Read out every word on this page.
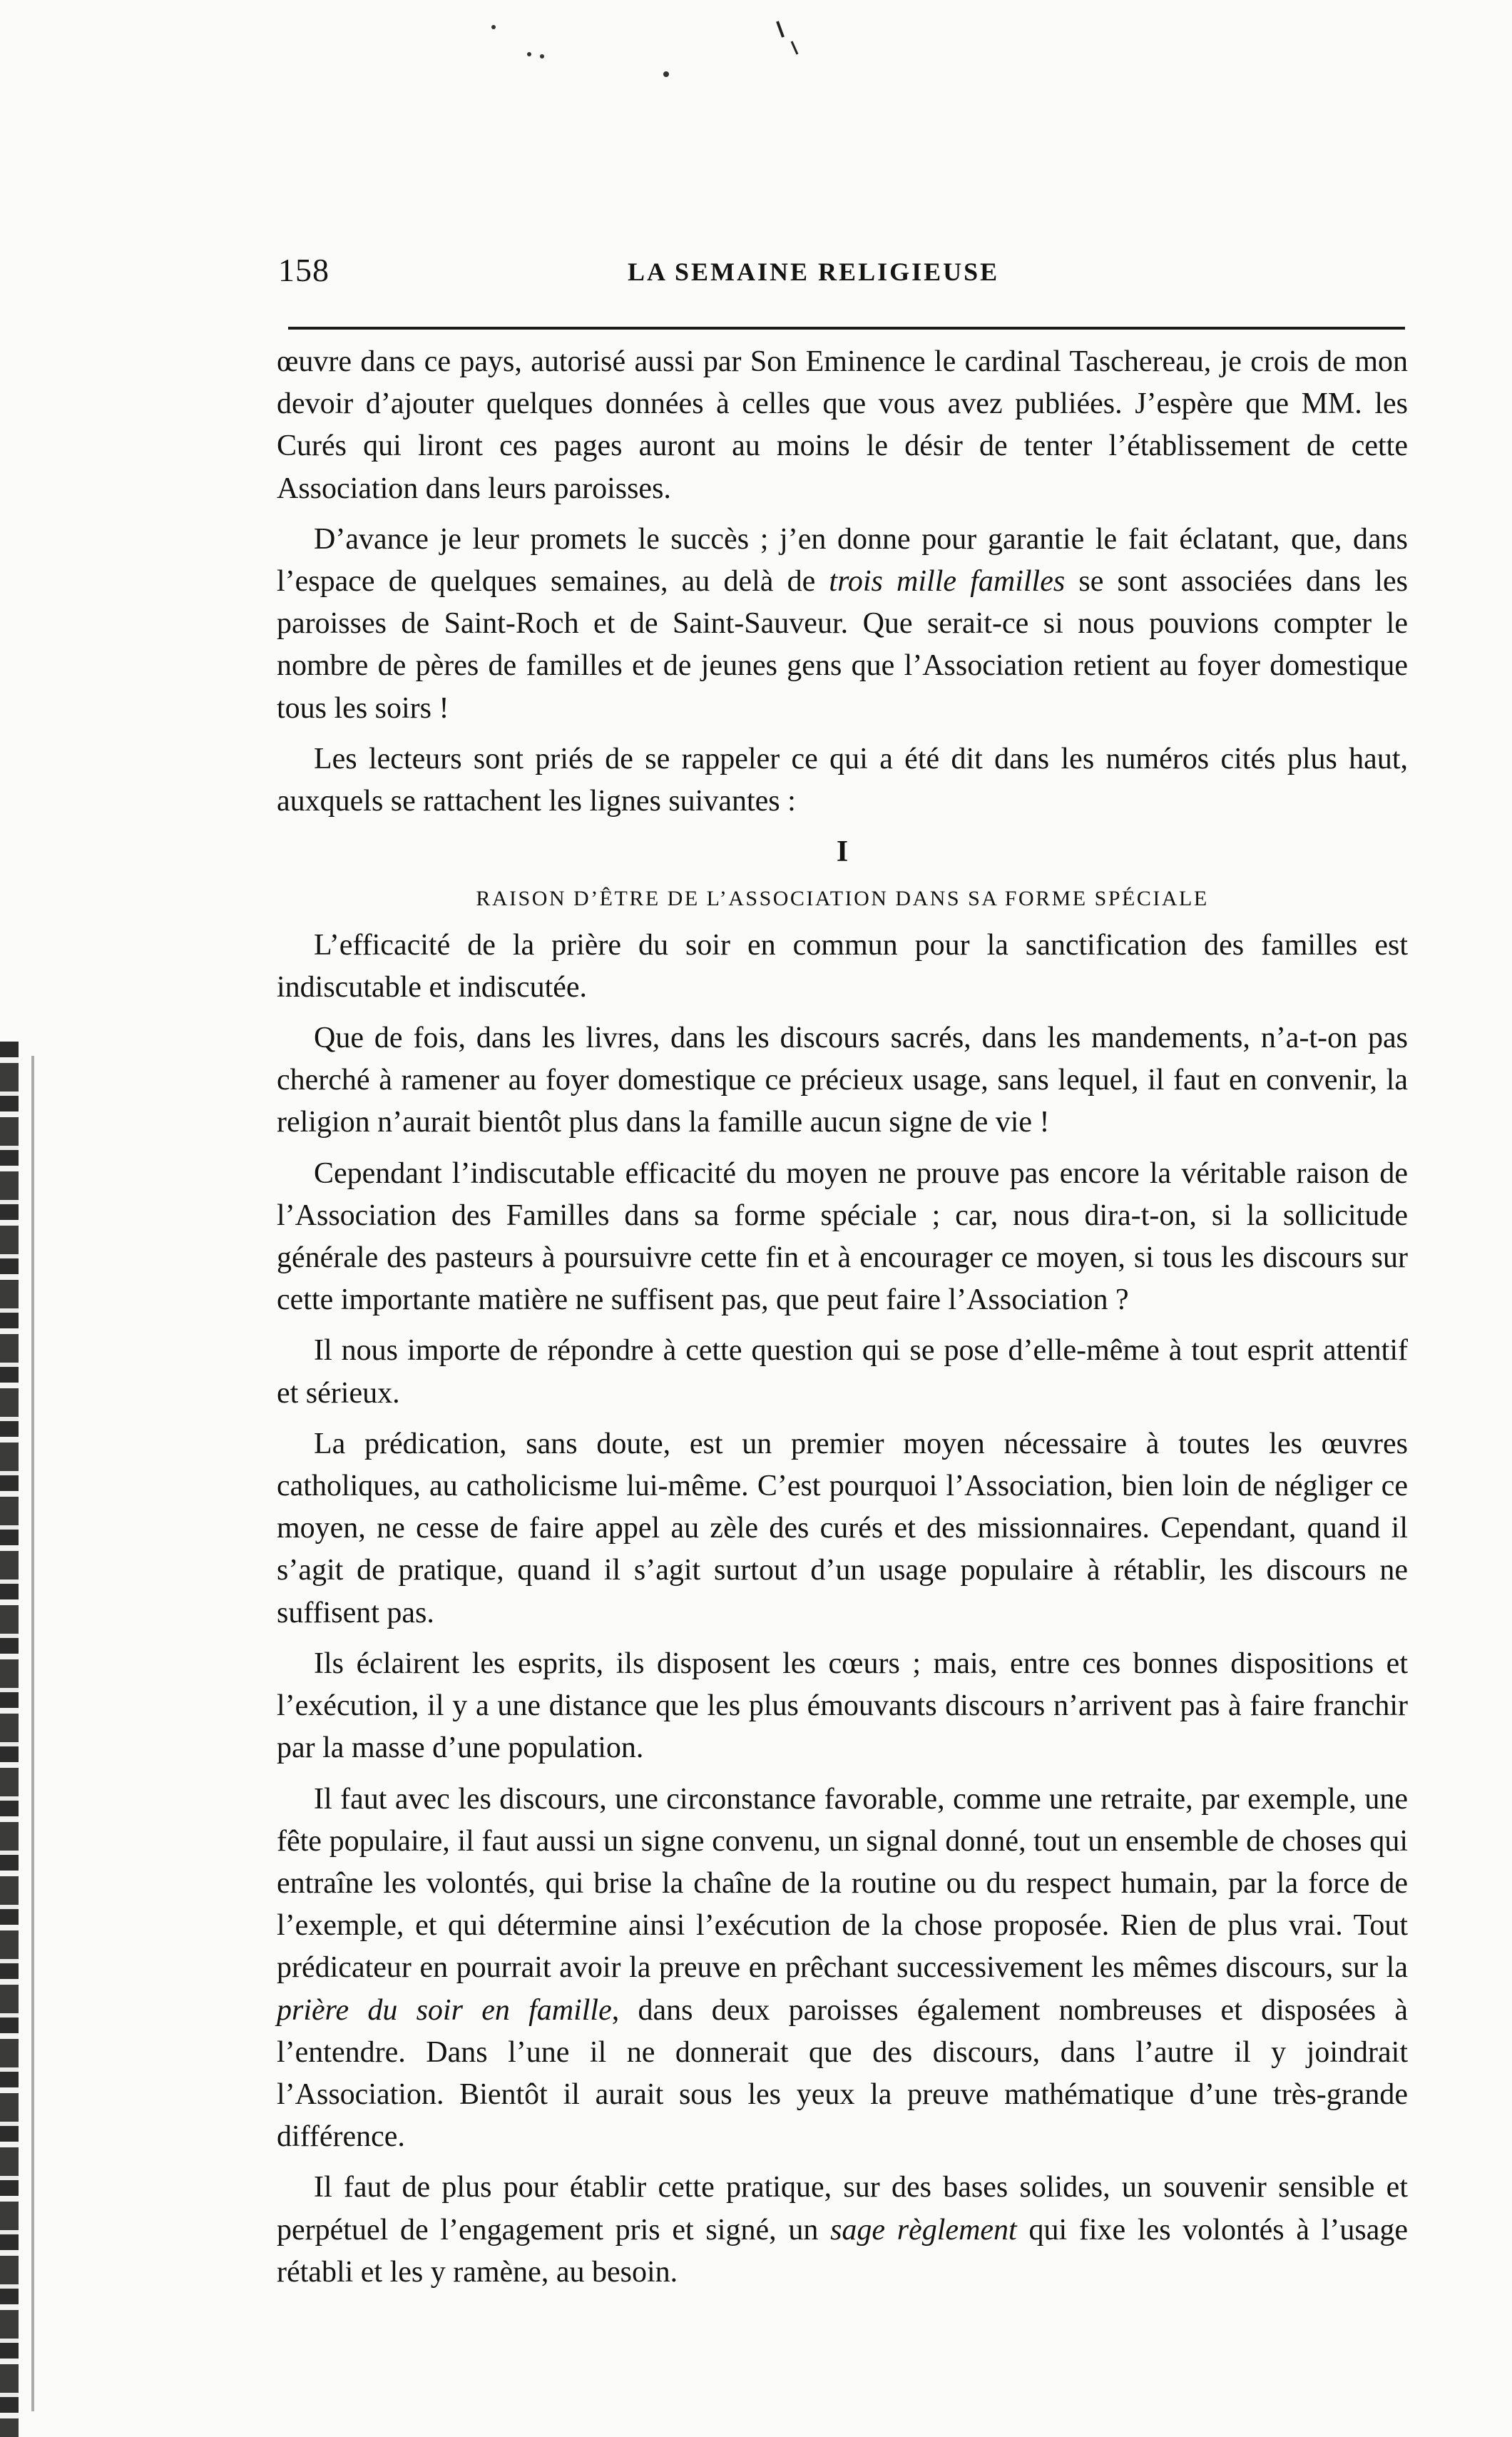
158	LA SEMAINE RELIGIEUSE

œuvre dans ce pays, autorisé aussi par Son Eminence le cardinal Taschereau, je crois de mon devoir d’ajouter quelques données à celles que vous avez publiées. J’espère que MM. les Curés qui liront ces pages auront au moins le désir de tenter l’établissement de cette Association dans leurs paroisses.

D’avance je leur promets le succès ; j’en donne pour garantie le fait éclatant, que, dans l’espace de quelques semaines, au delà de trois mille familles se sont associées dans les paroisses de Saint-Roch et de Saint-Sauveur. Que serait-ce si nous pouvions compter le nombre de pères de familles et de jeunes gens que l’Association retient au foyer domestique tous les soirs !

Les lecteurs sont priés de se rappeler ce qui a été dit dans les numéros cités plus haut, auxquels se rattachent les lignes suivantes :

I
RAISON D’ÊTRE DE L’ASSOCIATION DANS SA FORME SPÉCIALE

L’efficacité de la prière du soir en commun pour la sanctification des familles est indiscutable et indiscutée.

Que de fois, dans les livres, dans les discours sacrés, dans les mandements, n’a-t-on pas cherché à ramener au foyer domestique ce précieux usage, sans lequel, il faut en convenir, la religion n’aurait bientôt plus dans la famille aucun signe de vie !

Cependant l’indiscutable efficacité du moyen ne prouve pas encore la véritable raison de l’Association des Familles dans sa forme spéciale ; car, nous dira-t-on, si la sollicitude générale des pasteurs à poursuivre cette fin et à encourager ce moyen, si tous les discours sur cette importante matière ne suffisent pas, que peut faire l’Association ?

Il nous importe de répondre à cette question qui se pose d’elle-même à tout esprit attentif et sérieux.

La prédication, sans doute, est un premier moyen nécessaire à toutes les œuvres catholiques, au catholicisme lui-même. C’est pourquoi l’Association, bien loin de négliger ce moyen, ne cesse de faire appel au zèle des curés et des missionnaires. Cependant, quand il s’agit de pratique, quand il s’agit surtout d’un usage populaire à rétablir, les discours ne suffisent pas.

Ils éclairent les esprits, ils disposent les cœurs ; mais, entre ces bonnes dispositions et l’exécution, il y a une distance que les plus émouvants discours n’arrivent pas à faire franchir par la masse d’une population.

Il faut avec les discours, une circonstance favorable, comme une retraite, par exemple, une fête populaire, il faut aussi un signe convenu, un signal donné, tout un ensemble de choses qui entraîne les volontés, qui brise la chaîne de la routine ou du respect humain, par la force de l’exemple, et qui détermine ainsi l’exécution de la chose proposée. Rien de plus vrai. Tout prédicateur en pourrait avoir la preuve en prêchant successivement les mêmes discours, sur la prière du soir en famille, dans deux paroisses également nombreuses et disposées à l’entendre. Dans l’une il ne donnerait que des discours, dans l’autre il y joindrait l’Association. Bientôt il aurait sous les yeux la preuve mathématique d’une très-grande différence.

Il faut de plus pour établir cette pratique, sur des bases solides, un souvenir sensible et perpétuel de l’engagement pris et signé, un sage règlement qui fixe les volontés à l’usage rétabli et les y ramène, au besoin.
